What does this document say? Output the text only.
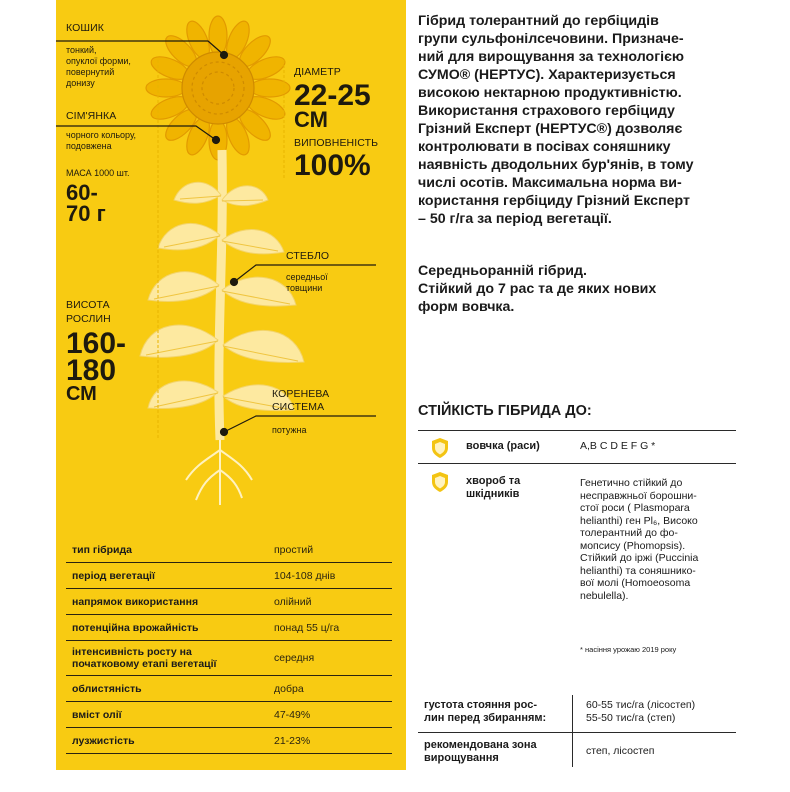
КОШИК
тонкий,
опуклої форми,
повернутий
донизу
СІМ'ЯНКА
чорного кольору,
подовжена
МАСА 1000 шт.
60-
70 г
ДІАМЕТР
22-25
СМ
ВИПОВНЕНІСТЬ
100%
СТЕБЛО
середньої
товщини
ВИСОТА
РОСЛИН
160-
180
СМ	КОРЕНЕВА
СИСТЕМА
потужна
тип гібрида	простий
період вегетації	104-108 днів
напрямок використання	олійний
потенційна врожайність	понад 55 ц/га

інтенсивність росту на
початковому етапі вегетації	середня
облистяність	добра
вміст олії	47-49%
лузжистість	21-23%
Гібрид толерантний до гербіцидів
групи сульфонілсечовини. Призначе-
ний для вирощування за технологією
СУМО® (НЕРТУС). Характеризується
високою нектарною продуктивністю.
Використання страхового гербіциду
Грізний Експерт (НЕРТУС®) дозволяє
контролювати в посівах соняшнику
наявність дводольних бур'янів, в тому
числі осотів. Максимальна норма ви-
користання гербіциду Грізний Експерт
– 50 г/га за період вегетації.
Середньоранній гібрид.
Стійкий до 7 рас та де яких нових
форм вовчка.
СТІЙКІСТЬ ГІБРИДА ДО:
вовчка (раси)	A,B C D E F G *
хвороб та
шкідників
Генетично стійкий до
несправжньої борошни-
стої роси ( Plasmopara
helianthi) ген Pl₆, Високо
толерантний до фо-
мопсису (Phomopsis).
Стійкий до іржі (Puccinia
helianthi) та соняшнико-
вої молі (Homoeosoma
nebulella).
* насіння урожаю 2019 року
густота стояння рос-
лин перед збиранням:
60-55 тис/га (лісостеп)
55-50 тис/га (степ)
рекомендована зона
вирощування
степ, лісостеп
